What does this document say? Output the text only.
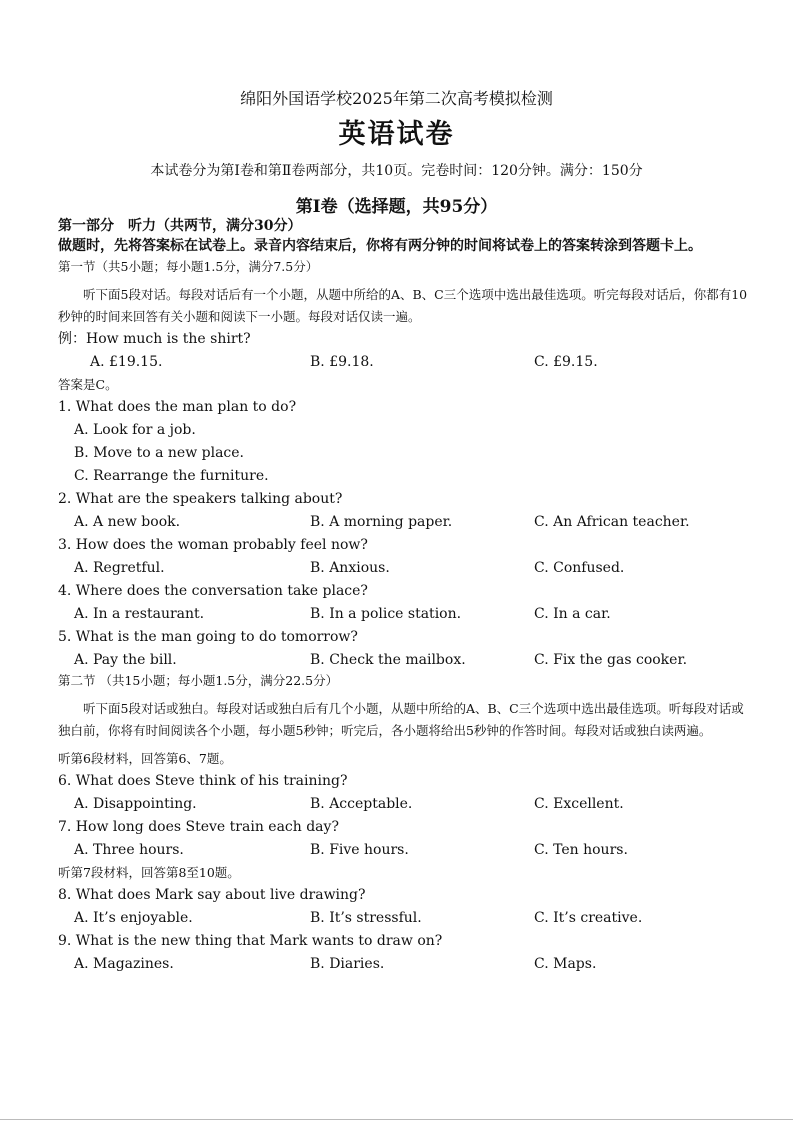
绵阳外国语学校2025年第二次高考模拟检测
英语试卷
本试卷分为第Ⅰ卷和第Ⅱ卷两部分，共10页。完卷时间：120分钟。满分：150分
第Ⅰ卷（选择题，共95分）
第一部分　听力（共两节，满分30分）
做题时，先将答案标在试卷上。录音内容结束后，你将有两分钟的时间将试卷上的答案转涂到答题卡上。
第一节（共5小题；每小题1.5分，满分7.5分）
听下面5段对话。每段对话后有一个小题，从题中所给的A、B、C三个选项中选出最佳选项。听完每段对话后，你都有10秒钟的时间来回答有关小题和阅读下一小题。每段对话仅读一遍。
例：How much is the shirt?
A. £19.15.	B. £9.18.	C. £9.15.
答案是C。
1. What does the man plan to do?
A. Look for a job.
B. Move to a new place.
C. Rearrange the furniture.
2. What are the speakers talking about?
A. A new book.	B. A morning paper.	C. An African teacher.
3. How does the woman probably feel now?
A. Regretful.	B. Anxious.	C. Confused.
4. Where does the conversation take place?
A. In a restaurant.	B. In a police station.	C. In a car.
5. What is the man going to do tomorrow?
A. Pay the bill.	B. Check the mailbox.	C. Fix the gas cooker.
第二节 （共15小题；每小题1.5分，满分22.5分）
听下面5段对话或独白。每段对话或独白后有几个小题，从题中所给的A、B、C三个选项中选出最佳选项。听每段对话或独白前，你将有时间阅读各个小题，每小题5秒钟；听完后，各小题将给出5秒钟的作答时间。每段对话或独白读两遍。
听第6段材料，回答第6、7题。
6. What does Steve think of his training?
A. Disappointing.	B. Acceptable.	C. Excellent.
7. How long does Steve train each day?
A. Three hours.	B. Five hours.	C. Ten hours.
听第7段材料，回答第8至10题。
8. What does Mark say about live drawing?
A. It’s enjoyable.	B. It’s stressful.	C. It’s creative.
9. What is the new thing that Mark wants to draw on?
A. Magazines.	B. Diaries.	C. Maps.
